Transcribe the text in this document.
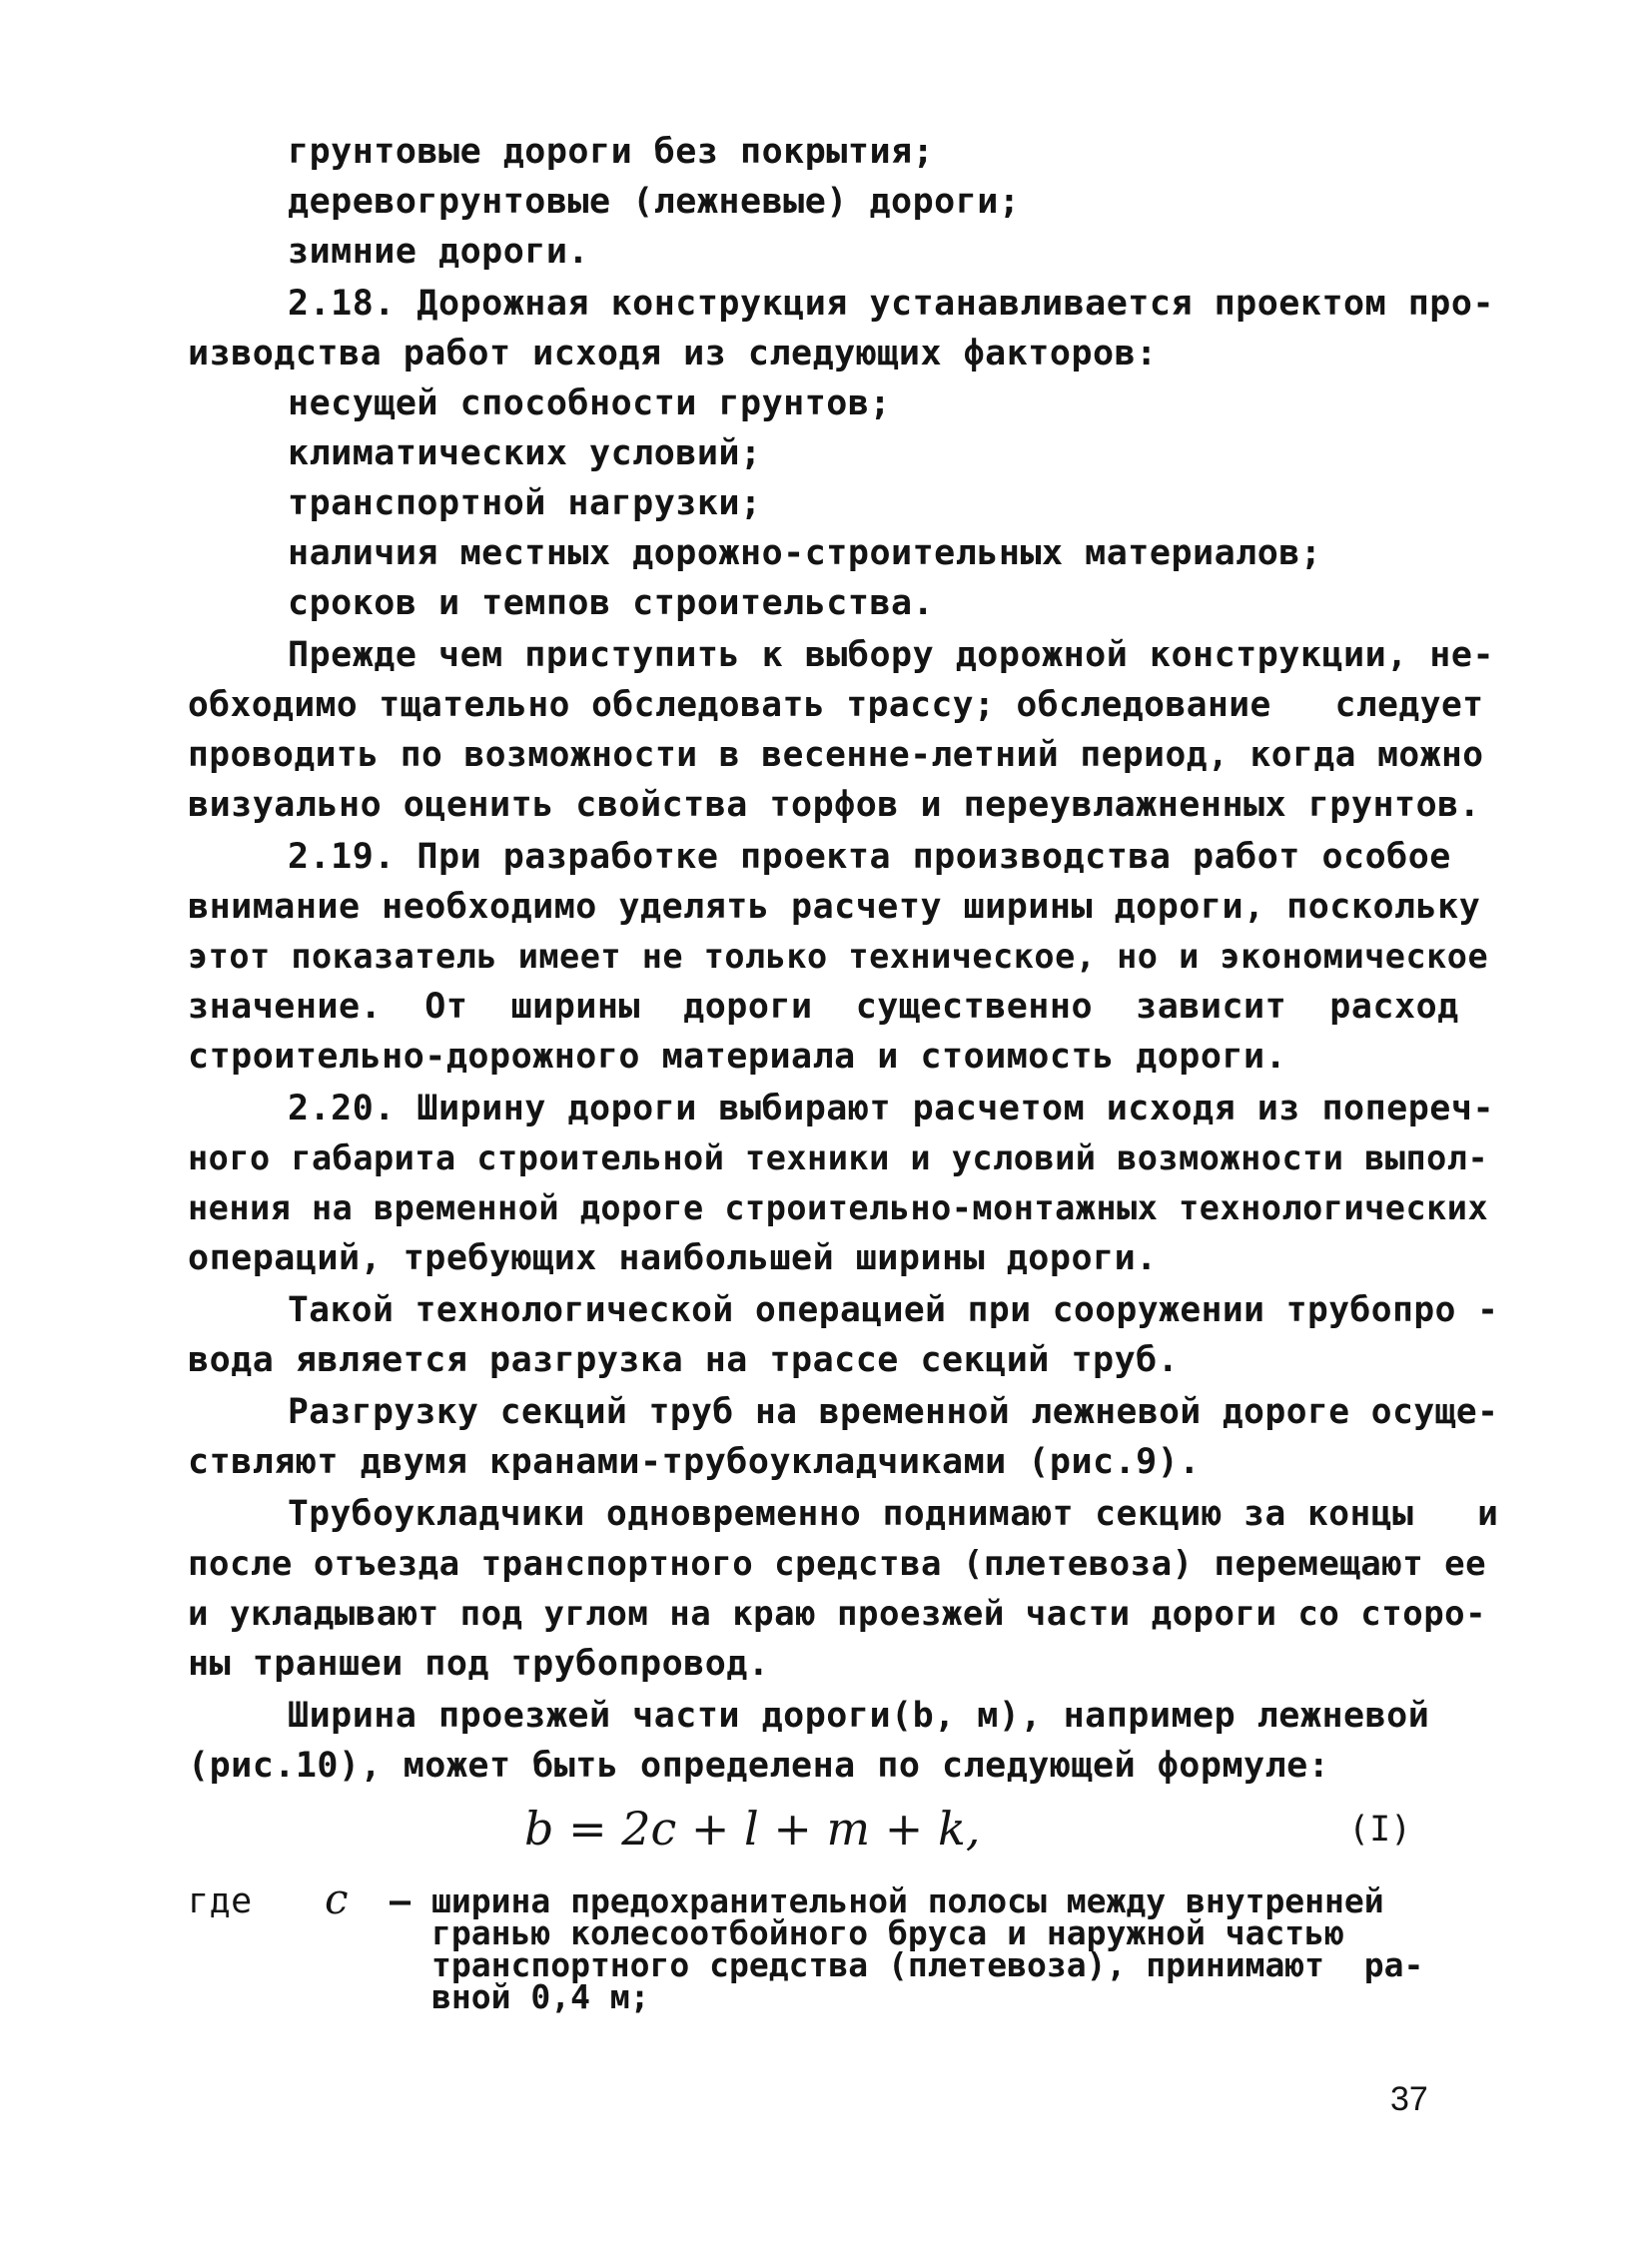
грунтовые дороги без покрытия;
деревогрунтовые (лежневые) дороги;
зимние дороги.
2.18. Дорожная конструкция устанавливается проектом про-
изводства работ исходя из следующих факторов:
несущей способности грунтов;
климатических условий;
транспортной нагрузки;
наличия местных дорожно-строительных материалов;
сроков и темпов строительства.
Прежде чем приступить к выбору дорожной конструкции, не-
обходимо тщательно обследовать трассу; обследование   следует
проводить по возможности в весенне-летний период, когда можно
визуально оценить свойства торфов и переувлажненных грунтов.
2.19. При разработке проекта производства работ особое
внимание необходимо уделять расчету ширины дороги, поскольку
этот показатель имеет не только техническое, но и экономическое
значение.  От  ширины  дороги  существенно  зависит  расход
строительно-дорожного материала и стоимость дороги.
2.20. Ширину дороги выбирают расчетом исходя из попереч-
ного габарита строительной техники и условий возможности выпол-
нения на временной дороге строительно-монтажных технологических
операций, требующих наибольшей ширины дороги.
Такой технологической операцией при сооружении трубопро -
вода является разгрузка на трассе секций труб.
Разгрузку секций труб на временной лежневой дороге осуще-
ствляют двумя кранами-трубоукладчиками (рис.9).
Трубоукладчики одновременно поднимают секцию за концы   и
после отъезда транспортного средства (плетевоза) перемещают ее
и укладывают под углом на краю проезжей части дороги со сторо-
ны траншеи под трубопровод.
Ширина проезжей части дороги(b, м), например лежневой
(рис.10), может быть определена по следующей формуле:
b = 2c + l + m + k,	(I)
где c – ширина предохранительной полосы между внутренней
гранью колесоотбойного бруса и наружной частью
транспортного средства (плетевоза), принимают  ра-
вной 0,4 м;
37
